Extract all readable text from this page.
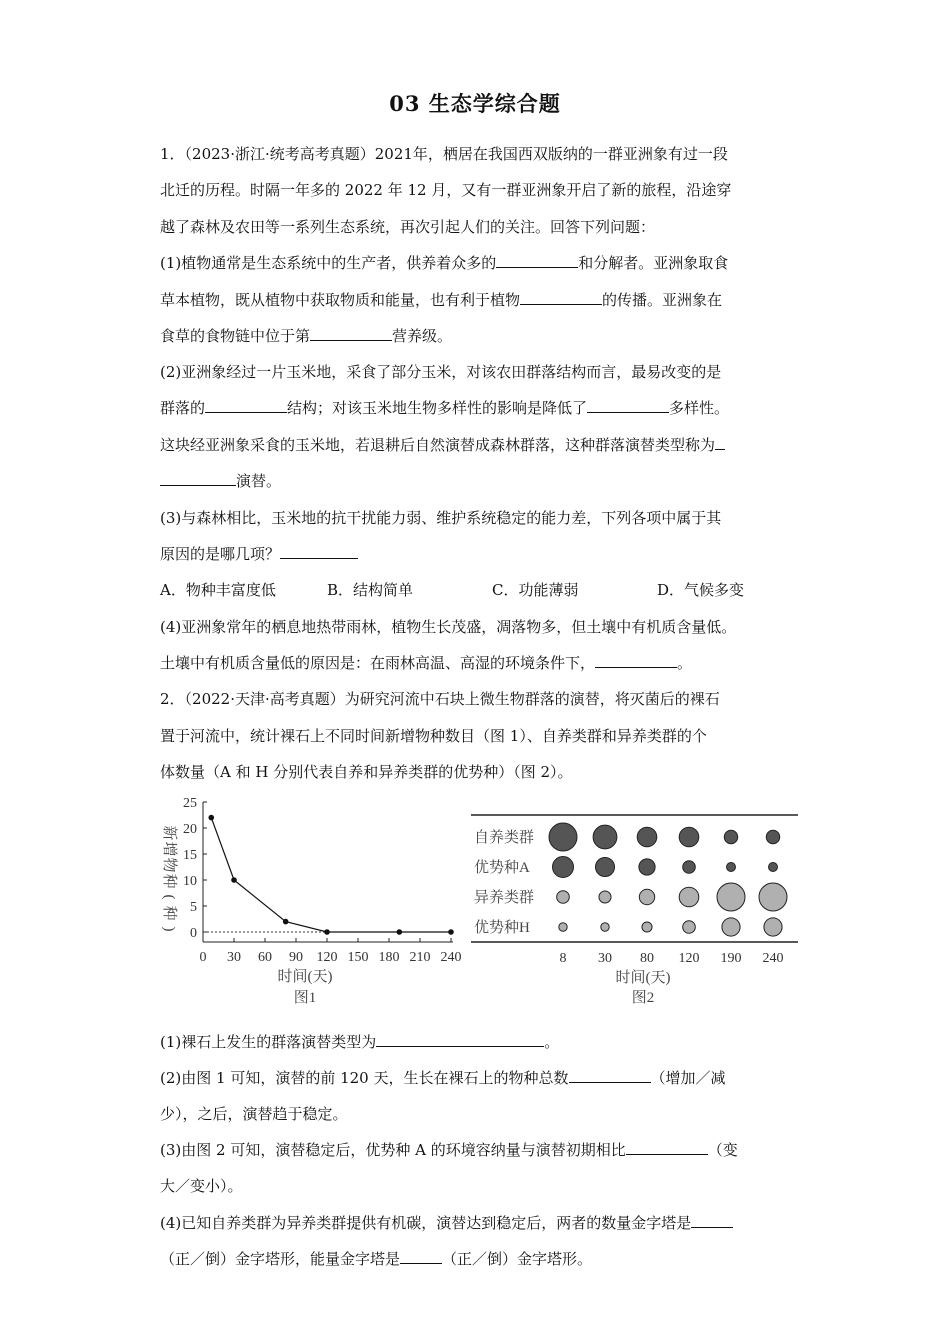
03 生态学综合题
1．（2023·浙江·统考高考真题）2021年，栖居在我国西双版纳的一群亚洲象有过一段
北迁的历程。时隔一年多的 2022 年 12 月，又有一群亚洲象开启了新的旅程，沿途穿
越了森林及农田等一系列生态系统，再次引起人们的关注。回答下列问题：
(1)植物通常是生态系统中的生产者，供养着众多的	和分解者。亚洲象取食
草本植物，既从植物中获取物质和能量，也有利于植物	的传播。亚洲象在
食草的食物链中位于第	营养级。
(2)亚洲象经过一片玉米地，采食了部分玉米，对该农田群落结构而言，最易改变的是
群落的	结构；对该玉米地生物多样性的影响是降低了	多样性。
这块经亚洲象采食的玉米地，若退耕后自然演替成森林群落，这种群落演替类型称为
演替。
(3)与森林相比，玉米地的抗干扰能力弱、维护系统稳定的能力差，下列各项中属于其
原因的是哪几项？
A．物种丰富度低	B．结构简单	C．功能薄弱	D．气候多变
(4)亚洲象常年的栖息地热带雨林，植物生长茂盛，凋落物多，但土壤中有机质含量低。
土壤中有机质含量低的原因是：在雨林高温、高湿的环境条件下，	。
2．（2022·天津·高考真题）为研究河流中石块上微生物群落的演替，将灭菌后的裸石
置于河流中，统计裸石上不同时间新增物种数目（图 1）、自养类群和异养类群的个
体数量（A 和 H 分别代表自养和异养类群的优势种）（图 2）。
0
5
10
15
20
25
30 60 90 120 150 180 210 240
0
新
增
物
种
(
种
)
时间(天)
图1
自养类群
优势种A
异养类群
优势种H
8 30 80 120 190 240
时间(天)
图2
(1)裸石上发生的群落演替类型为	。
(2)由图 1 可知，演替的前 120 天，生长在裸石上的物种总数	（增加／减
少），之后，演替趋于稳定。
(3)由图 2 可知，演替稳定后，优势种 A 的环境容纳量与演替初期相比	（变
大／变小）。
(4)已知自养类群为异养类群提供有机碳，演替达到稳定后，两者的数量金字塔是
（正／倒）金字塔形，能量金字塔是	（正／倒）金字塔形。
